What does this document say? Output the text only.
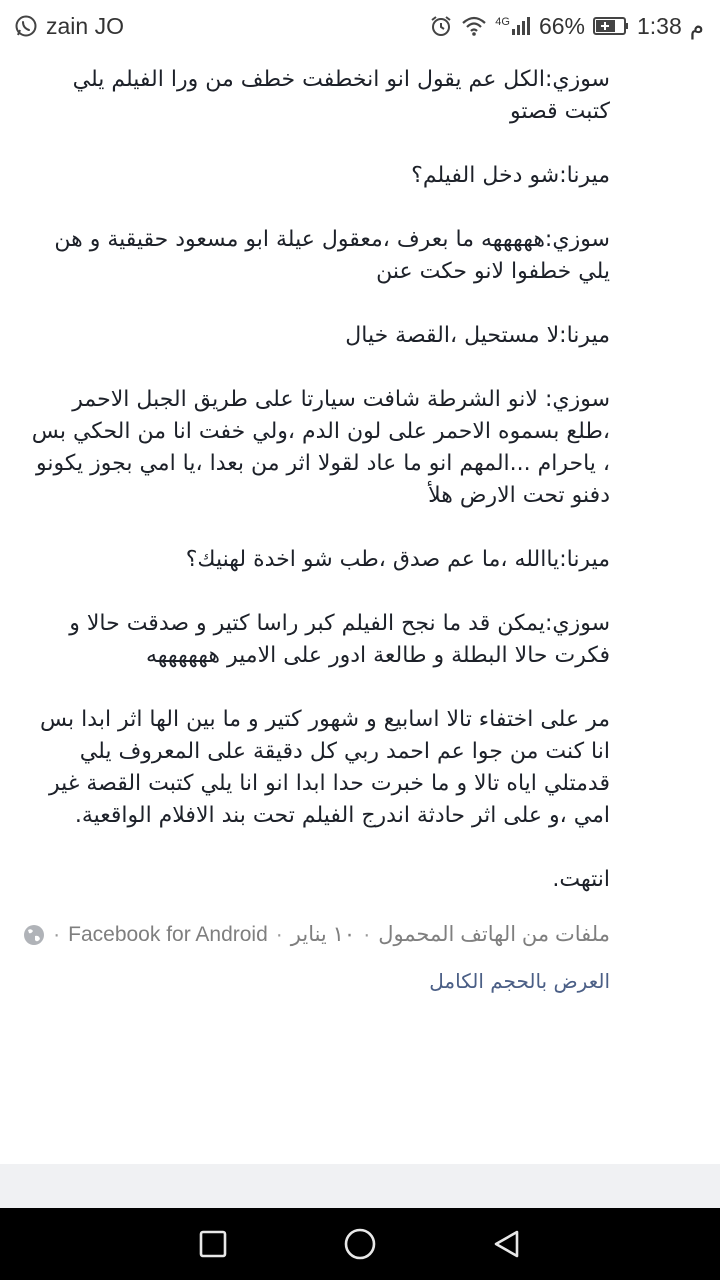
zain JO	4G 66% 1:38 م

سوزي:الكل عم يقول انو انخطفت خطف من ورا الفيلم يلي كتبت قصتو

ميرنا:شو دخل الفيلم؟

سوزي:هههههه ما بعرف ،معقول عيلة ابو مسعود حقيقية و هن يلي خطفوا لانو حكت عنن

ميرنا:لا مستحيل ،القصة خيال

سوزي: لانو الشرطة شافت سيارتا على طريق الجبل الاحمر ،طلع بسموه الاحمر على لون الدم ،ولي خفت انا من الحكي بس ، ياحرام ...المهم انو ما عاد لقولا اثر من بعدا ،يا امي بجوز يكونو دفنو تحت الارض هلأ

ميرنا:ياالله ،ما عم صدق ،طب شو اخدة لهنيك؟

سوزي:يمكن قد ما نجح الفيلم كبر راسا كتير و صدقت حالا و فكرت حالا البطلة و طالعة ادور على الامير ههههههه

مر على اختفاء تالا اسابيع و شهور كتير و ما بين الها اثر ابدا بس انا كنت من جوا عم احمد ربي كل دقيقة على المعروف يلي قدمتلي اياه تالا و ما خبرت حدا ابدا انو انا يلي كتبت القصة غير امي ،و على اثر حادثة اندرج الفيلم تحت بند الافلام الواقعية.

انتهت.

ملفات من الهاتف المحمول
·
١٠ يناير
·
Facebook for Android
·
العرض بالحجم الكامل
